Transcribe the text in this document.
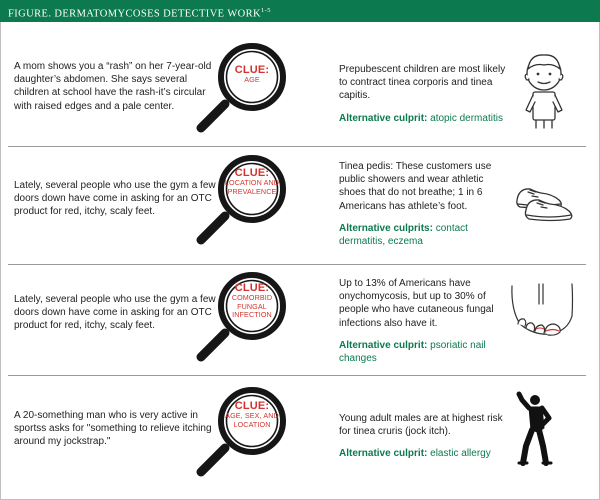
FIGURE. DERMATOMYCOSES DETECTIVE WORK$^{1-5}$
A mom shows you a “rash” on her 7-year-old daughter’s abdomen. She says several children at school have the rash-it’s circular with raised edges and a pale center.
CLUE:
AGE
Prepubescent children are most likely to contract tinea corporis and tinea capitis.
Alternative culprit: atopic dermatitis
Lately, several people who use the gym a few doors down have come in asking for an OTC product for red, itchy, scaly feet.
CLUE:
LOCATION AND PREVALENCE
Tinea pedis: These customers use public showers and wear athletic shoes that do not breathe; 1 in 6 Americans has athlete’s foot.
Alternative culprits: contact dermatitis, eczema
Lately, several people who use the gym a few doors down have come in asking for an OTC product for red, itchy, scaly feet.
CLUE:
COMORBID FUNGAL INFECTION
Up to 13% of Americans have onychomycosis, but up to 30% of people who have cutaneous fungal infections also have it.
Alternative culprit: psoriatic nail changes
A 20-something man who is very active in sportss asks for "something to relieve itching around my jockstrap."
CLUE:
AGE, SEX, AND LOCATION
Young adult males are at highest risk for tinea cruris (jock itch).
Alternative culprit: elastic allergy
